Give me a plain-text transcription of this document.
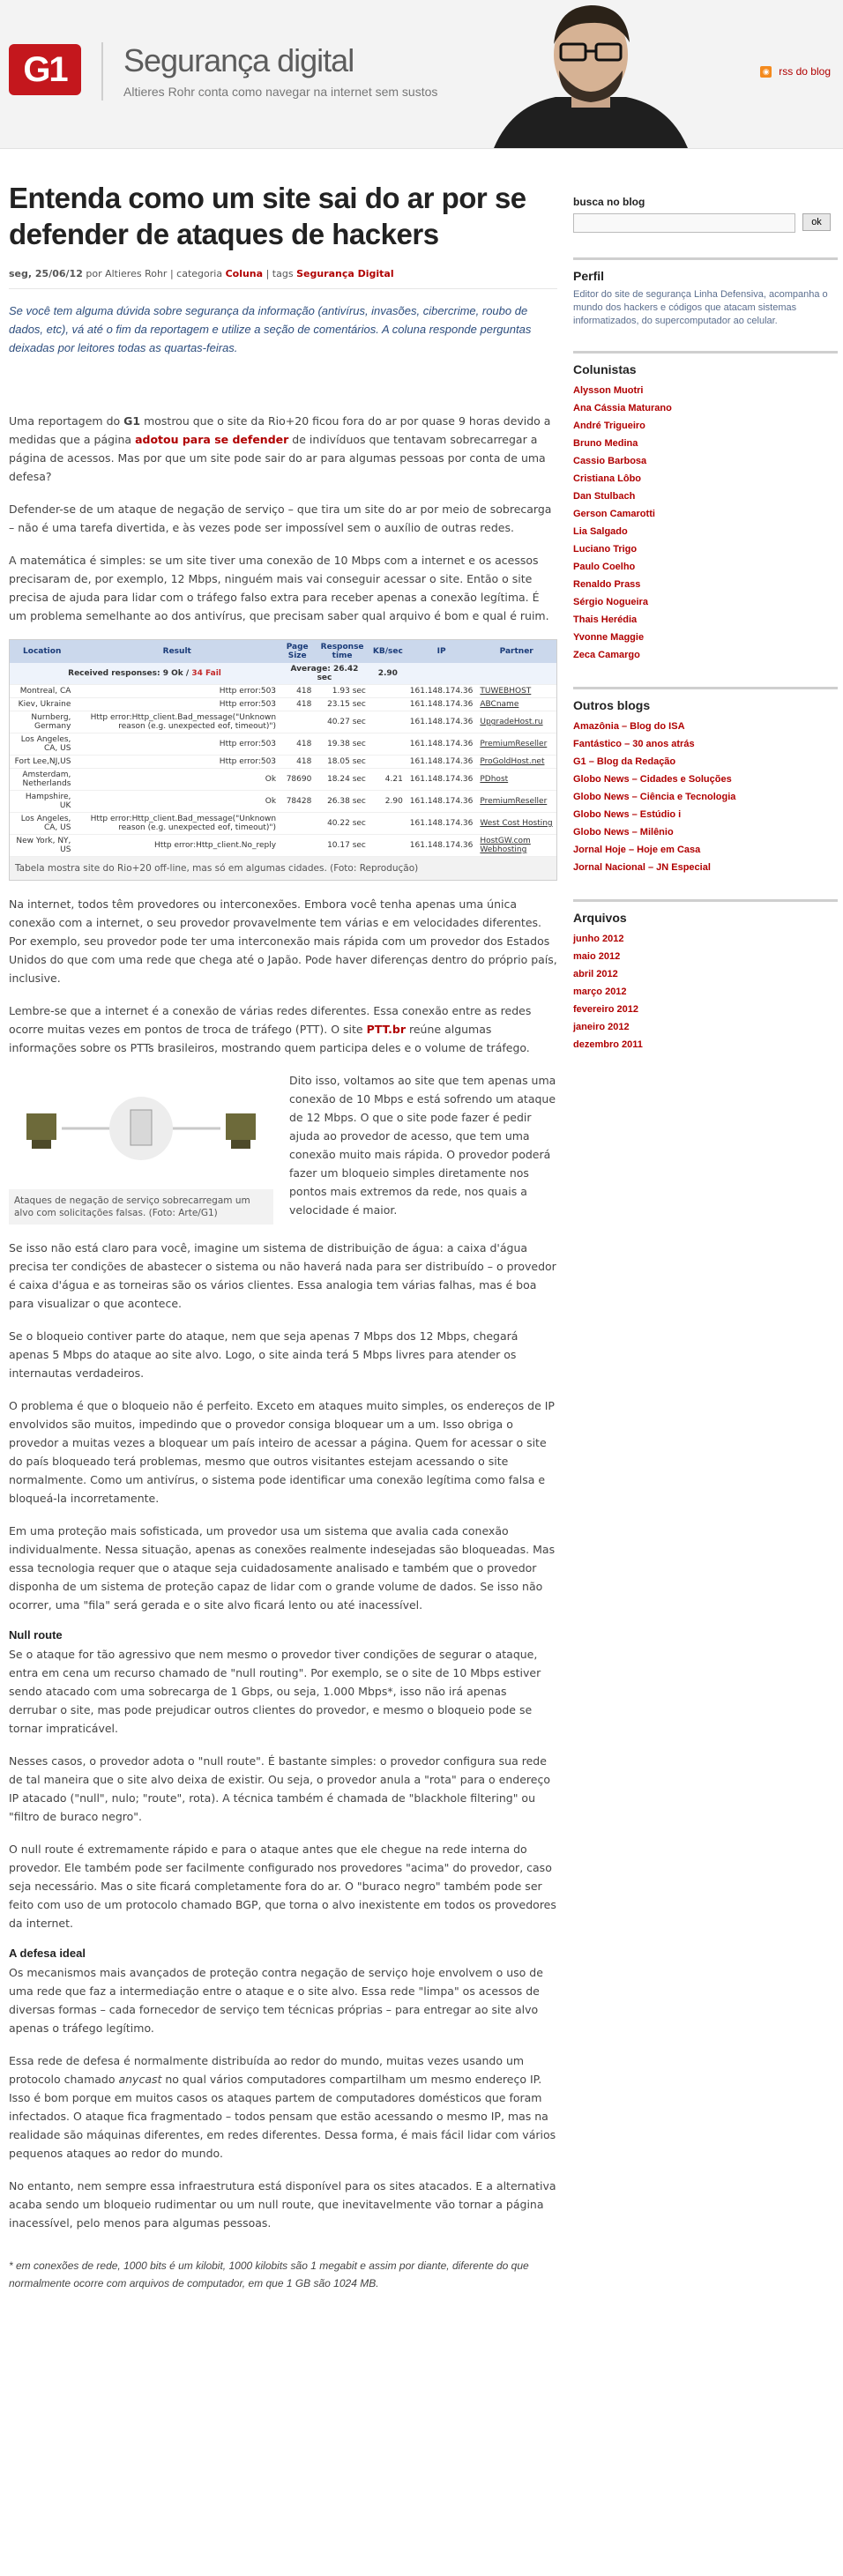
G1	Segurança digital
Altieres Rohr conta como navegar na internet sem sustos
◉ rss do blog
Entenda como um site sai do ar por se defender de ataques de hackers
seg, 25/06/12 por Altieres Rohr | categoria Coluna | tags Segurança Digital

Se você tem alguma dúvida sobre segurança da informação (antivírus, invasões, cibercrime, roubo de dados, etc), vá até o fim da reportagem e utilize a seção de comentários. A coluna responde perguntas deixadas por leitores todas as quartas-feiras.

Uma reportagem do G1 mostrou que o site da Rio+20 ficou fora do ar por quase 9 horas devido a medidas que a página adotou para se defender de indivíduos que tentavam sobrecarregar a página de acessos. Mas por que um site pode sair do ar para algumas pessoas por conta de uma defesa?

Defender-se de um ataque de negação de serviço – que tira um site do ar por meio de sobrecarga – não é uma tarefa divertida, e às vezes pode ser impossível sem o auxílio de outras redes.

A matemática é simples: se um site tiver uma conexão de 10 Mbps com a internet e os acessos precisaram de, por exemplo, 12 Mbps, ninguém mais vai conseguir acessar o site. Então o site precisa de ajuda para lidar com o tráfego falso extra para receber apenas a conexão legítima. É um problema semelhante ao dos antivírus, que precisam saber qual arquivo é bom e qual é ruim.

Location	Result	Page Size	Response time	KB/sec	IP	Partner
Received responses: 9 Ok / 34 Fail		Average: 26.42 sec		2.90		
Montreal, CA	Http error:503	418	1.93 sec		161.148.174.36	TUWEBHOST
Kiev, Ukraine	Http error:503	418	23.15 sec		161.148.174.36	ABCname
Nurnberg, Germany	Http error:Http_client.Bad_message("Unknown reason (e.g. unexpected eof, timeout)")		40.27 sec		161.148.174.36	UpgradeHost.ru
Los Angeles, CA, US	Http error:503	418	19.38 sec		161.148.174.36	PremiumReseller
Fort Lee,NJ,US	Http error:503	418	18.05 sec		161.148.174.36	ProGoldHost.net
Amsterdam, Netherlands	Ok	78690	18.24 sec	4.21	161.148.174.36	PDhost
Hampshire, UK	Ok	78428	26.38 sec	2.90	161.148.174.36	PremiumReseller
Los Angeles, CA, US	Http error:Http_client.Bad_message("Unknown reason (e.g. unexpected eof, timeout)")		40.22 sec		161.148.174.36	West Cost Hosting
New York, NY, US	Http error:Http_client.No_reply		10.17 sec		161.148.174.36	HostGW.com Webhosting
Tabela mostra site do Rio+20 off-line, mas só em algumas cidades. (Foto: Reprodução)

Na internet, todos têm provedores ou interconexões. Embora você tenha apenas uma única conexão com a internet, o seu provedor provavelmente tem várias e em velocidades diferentes. Por exemplo, seu provedor pode ter uma interconexão mais rápida com um provedor dos Estados Unidos do que com uma rede que chega até o Japão. Pode haver diferenças dentro do próprio país, inclusive.

Lembre-se que a internet é a conexão de várias redes diferentes. Essa conexão entre as redes ocorre muitas vezes em pontos de troca de tráfego (PTT). O site PTT.br reúne algumas informações sobre os PTTs brasileiros, mostrando quem participa deles e o volume de tráfego.

Ataques de negação de serviço sobrecarregam um alvo com solicitações falsas. (Foto: Arte/G1)
Dito isso, voltamos ao site que tem apenas uma conexão de 10 Mbps e está sofrendo um ataque de 12 Mbps. O que o site pode fazer é pedir ajuda ao provedor de acesso, que tem uma conexão muito mais rápida. O provedor poderá fazer um bloqueio simples diretamente nos pontos mais extremos da rede, nos quais a velocidade é maior.

Se isso não está claro para você, imagine um sistema de distribuição de água: a caixa d'água precisa ter condições de abastecer o sistema ou não haverá nada para ser distribuído – o provedor é caixa d'água e as torneiras são os vários clientes. Essa analogia tem várias falhas, mas é boa para visualizar o que acontece.

Se o bloqueio contiver parte do ataque, nem que seja apenas 7 Mbps dos 12 Mbps, chegará apenas 5 Mbps do ataque ao site alvo. Logo, o site ainda terá 5 Mbps livres para atender os internautas verdadeiros.

O problema é que o bloqueio não é perfeito. Exceto em ataques muito simples, os endereços de IP envolvidos são muitos, impedindo que o provedor consiga bloquear um a um. Isso obriga o provedor a muitas vezes a bloquear um país inteiro de acessar a página. Quem for acessar o site do país bloqueado terá problemas, mesmo que outros visitantes estejam acessando o site normalmente. Como um antivírus, o sistema pode identificar uma conexão legítima como falsa e bloqueá-la incorretamente.

Em uma proteção mais sofisticada, um provedor usa um sistema que avalia cada conexão individualmente. Nessa situação, apenas as conexões realmente indesejadas são bloqueadas. Mas essa tecnologia requer que o ataque seja cuidadosamente analisado e também que o provedor disponha de um sistema de proteção capaz de lidar com o grande volume de dados. Se isso não ocorrer, uma "fila" será gerada e o site alvo ficará lento ou até inacessível.

Null route

Se o ataque for tão agressivo que nem mesmo o provedor tiver condições de segurar o ataque, entra em cena um recurso chamado de "null routing". Por exemplo, se o site de 10 Mbps estiver sendo atacado com uma sobrecarga de 1 Gbps, ou seja, 1.000 Mbps*, isso não irá apenas derrubar o site, mas pode prejudicar outros clientes do provedor, e mesmo o bloqueio pode se tornar impraticável.

Nesses casos, o provedor adota o "null route". É bastante simples: o provedor configura sua rede de tal maneira que o site alvo deixa de existir. Ou seja, o provedor anula a "rota" para o endereço IP atacado ("null", nulo; "route", rota). A técnica também é chamada de "blackhole filtering" ou "filtro de buraco negro".

O null route é extremamente rápido e para o ataque antes que ele chegue na rede interna do provedor. Ele também pode ser facilmente configurado nos provedores "acima" do provedor, caso seja necessário. Mas o site ficará completamente fora do ar. O "buraco negro" também pode ser feito com uso de um protocolo chamado BGP, que torna o alvo inexistente em todos os provedores da internet.

A defesa ideal

Os mecanismos mais avançados de proteção contra negação de serviço hoje envolvem o uso de uma rede que faz a intermediação entre o ataque e o site alvo. Essa rede "limpa" os acessos de diversas formas – cada fornecedor de serviço tem técnicas próprias – para entregar ao site alvo apenas o tráfego legítimo.

Essa rede de defesa é normalmente distribuída ao redor do mundo, muitas vezes usando um protocolo chamado anycast no qual vários computadores compartilham um mesmo endereço IP. Isso é bom porque em muitos casos os ataques partem de computadores domésticos que foram infectados. O ataque fica fragmentado – todos pensam que estão acessando o mesmo IP, mas na realidade são máquinas diferentes, em redes diferentes. Dessa forma, é mais fácil lidar com vários pequenos ataques ao redor do mundo.

No entanto, nem sempre essa infraestrutura está disponível para os sites atacados. E a alternativa acaba sendo um bloqueio rudimentar ou um null route, que inevitavelmente vão tornar a página inacessível, pelo menos para algumas pessoas.

* em conexões de rede, 1000 bits é um kilobit, 1000 kilobits são 1 megabit e assim por diante, diferente do que normalmente ocorre com arquivos de computador, em que 1 GB são 1024 MB.
busca no blog
ok
Perfil
Editor do site de segurança Linha Defensiva, acompanha o mundo dos hackers e códigos que atacam sistemas informatizados, do supercomputador ao celular.
Colunistas
Alysson Muotri
Ana Cássia Maturano
André Trigueiro
Bruno Medina
Cassio Barbosa
Cristiana Lôbo
Dan Stulbach
Gerson Camarotti
Lia Salgado
Luciano Trigo
Paulo Coelho
Renaldo Prass
Sérgio Nogueira
Thais Herédia
Yvonne Maggie
Zeca Camargo
Outros blogs
Amazônia – Blog do ISA
Fantástico – 30 anos atrás
G1 – Blog da Redação
Globo News – Cidades e Soluções
Globo News – Ciência e Tecnologia
Globo News – Estúdio i
Globo News – Milênio
Jornal Hoje – Hoje em Casa
Jornal Nacional – JN Especial
Arquivos
junho 2012
maio 2012
abril 2012
março 2012
fevereiro 2012
janeiro 2012
dezembro 2011
